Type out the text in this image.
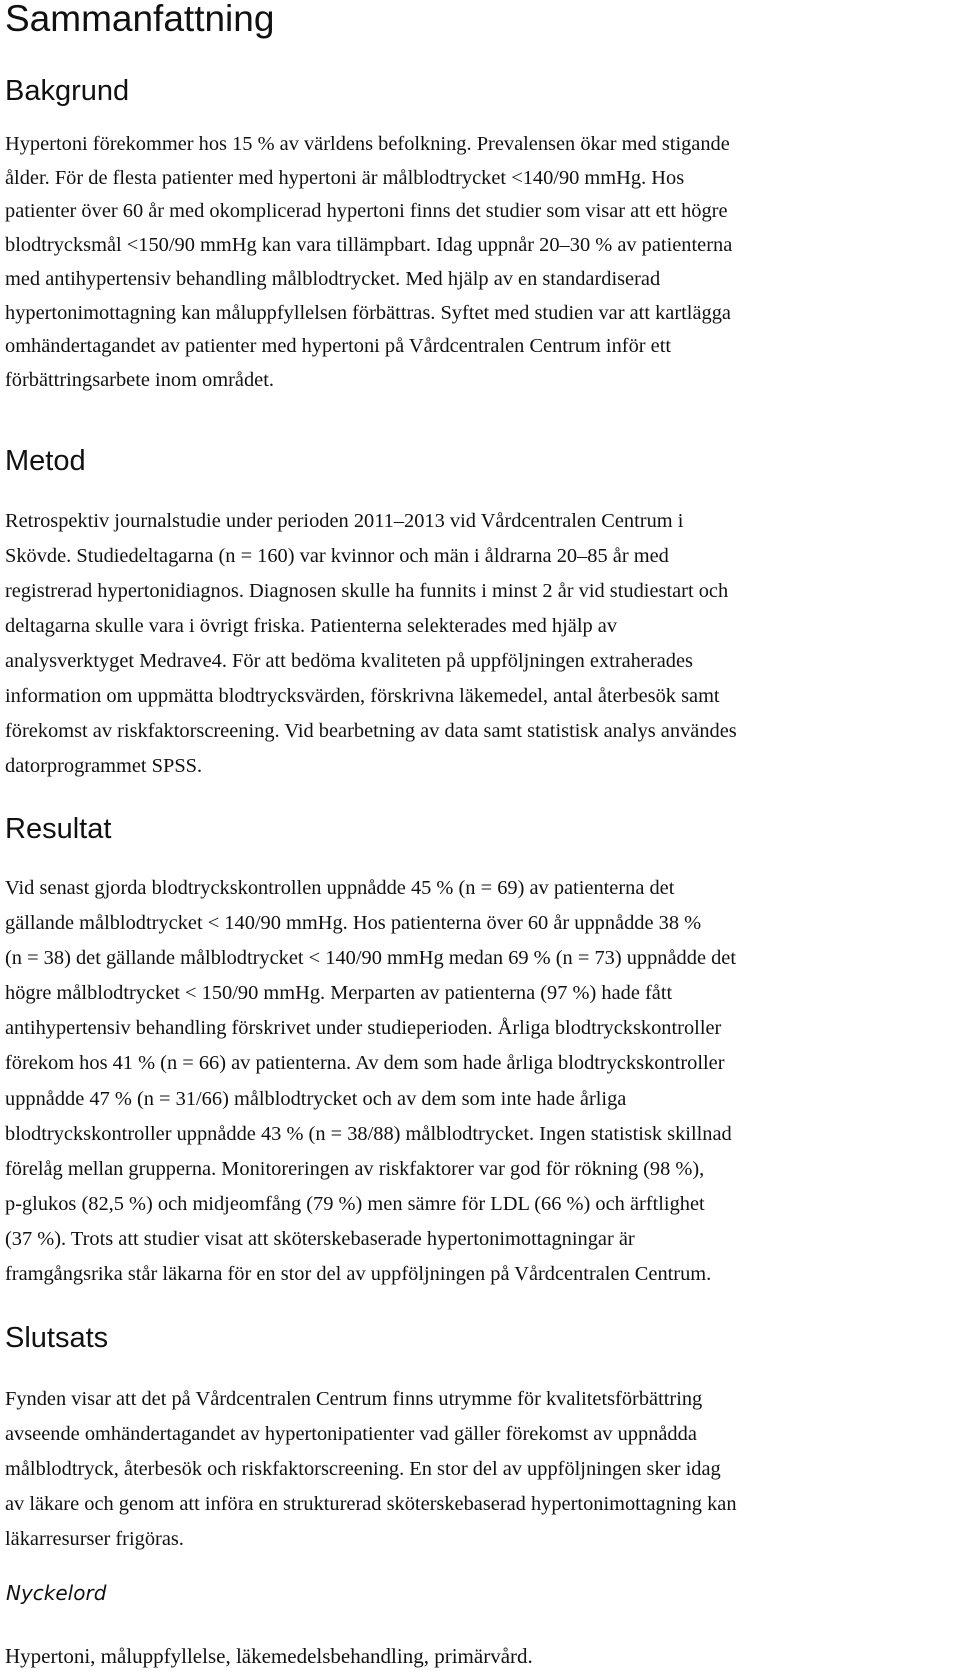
Sammanfattning
Bakgrund
Hypertoni förekommer hos 15 % av världens befolkning. Prevalensen ökar med stigande
ålder. För de flesta patienter med hypertoni är målblodtrycket <140/90 mmHg. Hos
patienter över 60 år med okomplicerad hypertoni finns det studier som visar att ett högre
blodtrycksmål <150/90 mmHg kan vara tillämpbart. Idag uppnår 20–30 % av patienterna
med antihypertensiv behandling målblodtrycket. Med hjälp av en standardiserad
hypertonimottagning kan måluppfyllelsen förbättras. Syftet med studien var att kartlägga
omhändertagandet av patienter med hypertoni på Vårdcentralen Centrum inför ett
förbättringsarbete inom området.
Metod
Retrospektiv journalstudie under perioden 2011–2013 vid Vårdcentralen Centrum i
Skövde. Studiedeltagarna (n = 160) var kvinnor och män i åldrarna 20–85 år med
registrerad hypertonidiagnos. Diagnosen skulle ha funnits i minst 2 år vid studiestart och
deltagarna skulle vara i övrigt friska. Patienterna selekterades med hjälp av
analysverktyget Medrave4. För att bedöma kvaliteten på uppföljningen extraherades
information om uppmätta blodtrycksvärden, förskrivna läkemedel, antal återbesök samt
förekomst av riskfaktorscreening. Vid bearbetning av data samt statistisk analys användes
datorprogrammet SPSS.
Resultat
Vid senast gjorda blodtryckskontrollen uppnådde 45 % (n = 69) av patienterna det
gällande målblodtrycket < 140/90 mmHg. Hos patienterna över 60 år uppnådde 38 %
(n = 38) det gällande målblodtrycket < 140/90 mmHg medan 69 % (n = 73) uppnådde det
högre målblodtrycket < 150/90 mmHg. Merparten av patienterna (97 %) hade fått
antihypertensiv behandling förskrivet under studieperioden. Årliga blodtryckskontroller
förekom hos 41 % (n = 66) av patienterna. Av dem som hade årliga blodtryckskontroller
uppnådde 47 % (n = 31/66) målblodtrycket och av dem som inte hade årliga
blodtryckskontroller uppnådde 43 % (n = 38/88) målblodtrycket. Ingen statistisk skillnad
förelåg mellan grupperna. Monitoreringen av riskfaktorer var god för rökning (98 %),
p-glukos (82,5 %) och midjeomfång (79 %) men sämre för LDL (66 %) och ärftlighet
(37 %). Trots att studier visat att sköterskebaserade hypertonimottagningar är
framgångsrika står läkarna för en stor del av uppföljningen på Vårdcentralen Centrum.
Slutsats
Fynden visar att det på Vårdcentralen Centrum finns utrymme för kvalitetsförbättring
avseende omhändertagandet av hypertonipatienter vad gäller förekomst av uppnådda
målblodtryck, återbesök och riskfaktorscreening. En stor del av uppföljningen sker idag
av läkare och genom att införa en strukturerad sköterskebaserad hypertonimottagning kan
läkarresurser frigöras.
Nyckelord
Hypertoni, måluppfyllelse, läkemedelsbehandling, primärvård.
